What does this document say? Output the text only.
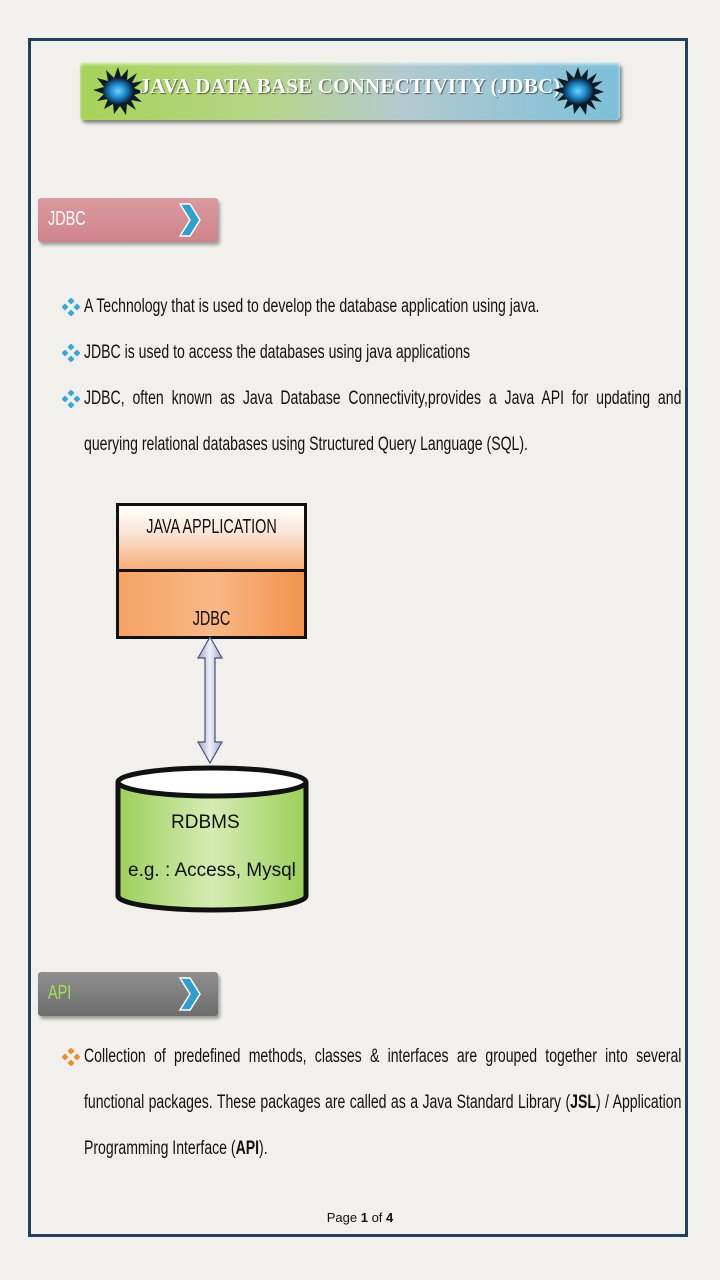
JAVA DATA BASE CONNECTIVITY (JDBC)
JDBC
A Technology that is used to develop the database application using java.
JDBC is used to access the databases using java applications
JDBC, often known as Java Database Connectivity,provides a Java API for updating and querying relational databases using Structured Query Language (SQL).
JAVA APPLICATION
JDBC
RDBMS
e.g. : Access, Mysql
API
Collection of predefined methods, classes & interfaces are grouped together into several functional packages. These packages are called as a Java Standard Library (JSL) / Application Programming Interface (API).
Page 1 of 4
